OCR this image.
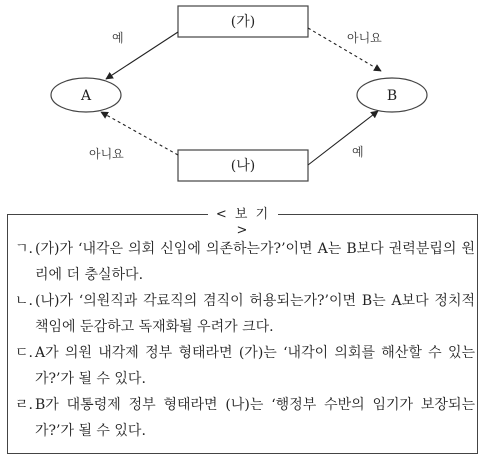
(가)
(나)
A	B
예	아니요
아니요	예
< 보 기 >
ㄱ. (가)가 ‘내각은 의회 신임에 의존하는가?’이면 A는 B보다 권력분립의 원리에 더 충실하다.
ㄴ. (나)가 ‘의원직과 각료직의 겸직이 허용되는가?’이면 B는 A보다 정치적 책임에 둔감하고 독재화될 우려가 크다.
ㄷ. A가 의원 내각제 정부 형태라면 (가)는 ‘내각이 의회를 해산할 수 있는가?’가 될 수 있다.
ㄹ. B가 대통령제 정부 형태라면 (나)는 ‘행정부 수반의 임기가 보장되는가?’가 될 수 있다.
